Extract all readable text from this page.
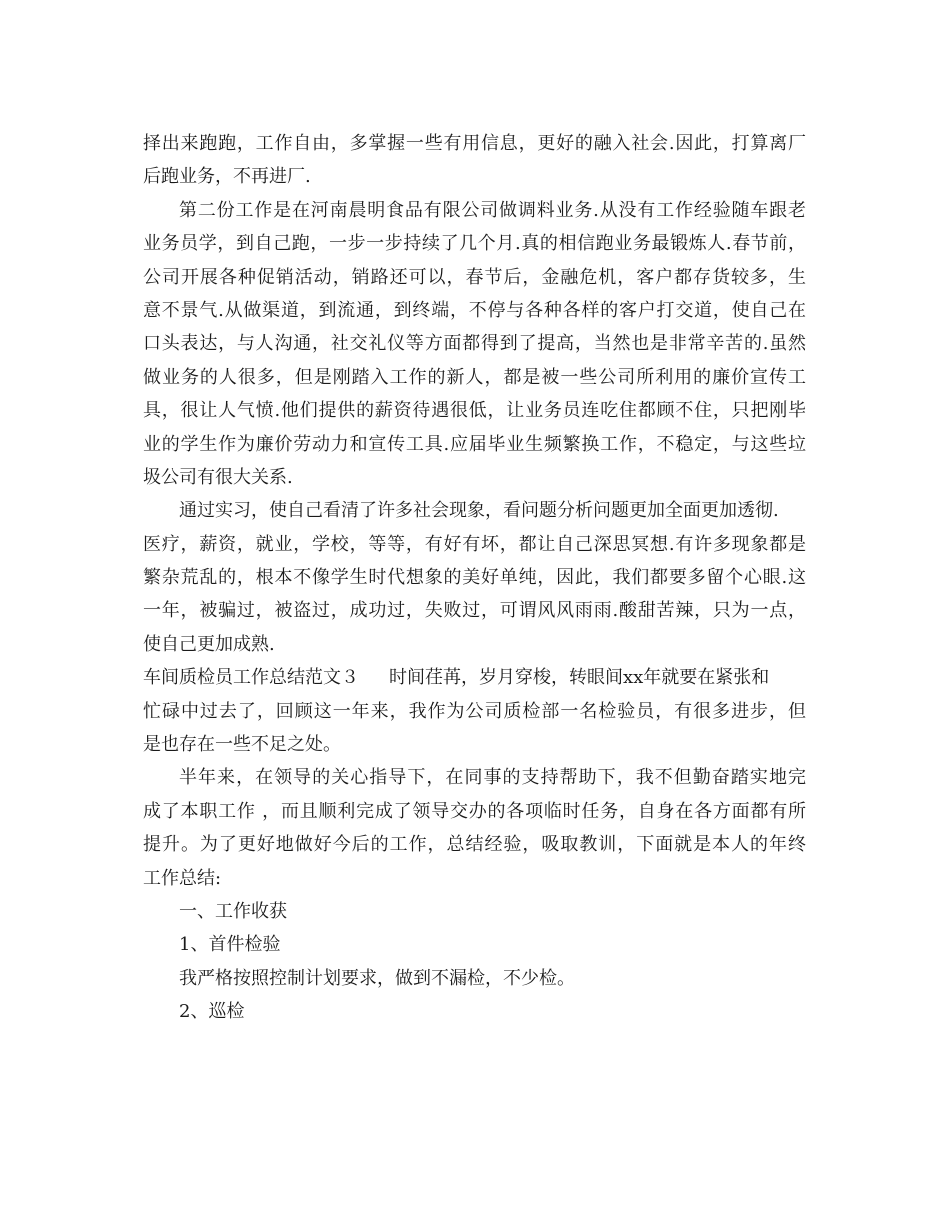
择出来跑跑，工作自由，多掌握一些有用信息，更好的融入社会.因此，打算离厂
后跑业务，不再进厂.
第二份工作是在河南晨明食品有限公司做调料业务.从没有工作经验随车跟老
业务员学，到自己跑，一步一步持续了几个月.真的相信跑业务最锻炼人.春节前，
公司开展各种促销活动，销路还可以，春节后，金融危机，客户都存货较多，生
意不景气.从做渠道，到流通，到终端，不停与各种各样的客户打交道，使自己在
口头表达，与人沟通，社交礼仪等方面都得到了提高，当然也是非常辛苦的.虽然
做业务的人很多，但是刚踏入工作的新人，都是被一些公司所利用的廉价宣传工
具，很让人气愤.他们提供的薪资待遇很低，让业务员连吃住都顾不住，只把刚毕
业的学生作为廉价劳动力和宣传工具.应届毕业生频繁换工作，不稳定，与这些垃
圾公司有很大关系.
通过实习，使自己看清了许多社会现象，看问题分析问题更加全面更加透彻.
医疗，薪资，就业，学校，等等，有好有坏，都让自己深思冥想.有许多现象都是
繁杂荒乱的，根本不像学生时代想象的美好单纯，因此，我们都要多留个心眼.这
一年，被骗过，被盗过，成功过，失败过，可谓风风雨雨.酸甜苦辣，只为一点，
使自己更加成熟.
车间质检员工作总结范文３ 时间荏苒，岁月穿梭，转眼间xx年就要在紧张和
忙碌中过去了，回顾这一年来，我作为公司质检部一名检验员，有很多进步，但
是也存在一些不足之处。
半年来，在领导的关心指导下，在同事的支持帮助下，我不但勤奋踏实地完
成了本职工作 ，而且顺利完成了领导交办的各项临时任务，自身在各方面都有所
提升。为了更好地做好今后的工作，总结经验，吸取教训，下面就是本人的年终
工作总结:
一、工作收获
1、首件检验
我严格按照控制计划要求，做到不漏检，不少检。
2、巡检
